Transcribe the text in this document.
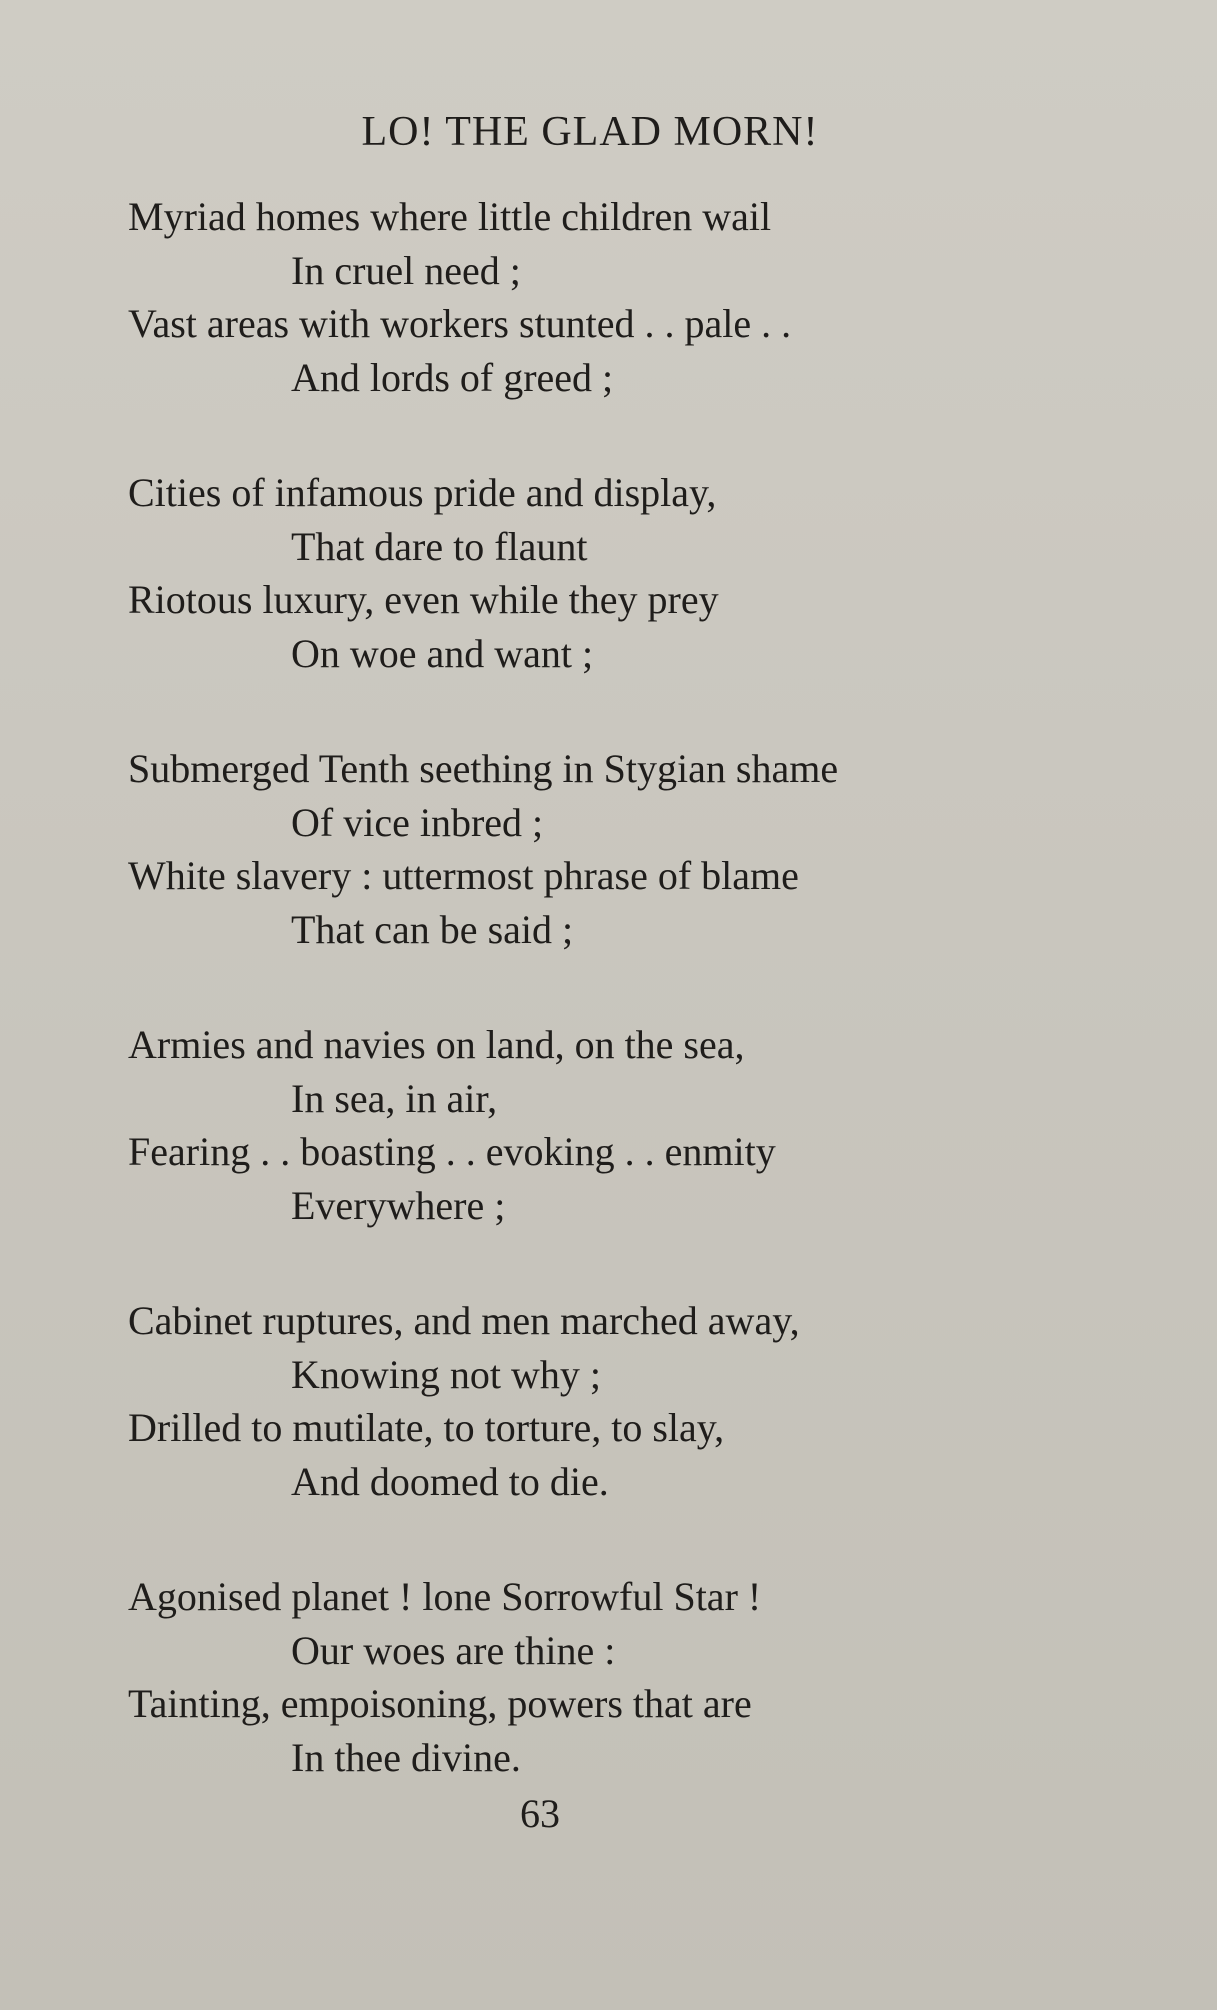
LO! THE GLAD MORN!
Myriad homes where little children wail
In cruel need ;
Vast areas with workers stunted . . pale . .
And lords of greed ;
Cities of infamous pride and display,
That dare to flaunt
Riotous luxury, even while they prey
On woe and want ;
Submerged Tenth seething in Stygian shame
Of vice inbred ;
White slavery : uttermost phrase of blame
That can be said ;
Armies and navies on land, on the sea,
In sea, in air,
Fearing . . boasting . . evoking . . enmity
Everywhere ;
Cabinet ruptures, and men marched away,
Knowing not why ;
Drilled to mutilate, to torture, to slay,
And doomed to die.
Agonised planet ! lone Sorrowful Star !
Our woes are thine :
Tainting, empoisoning, powers that are
In thee divine.
63
